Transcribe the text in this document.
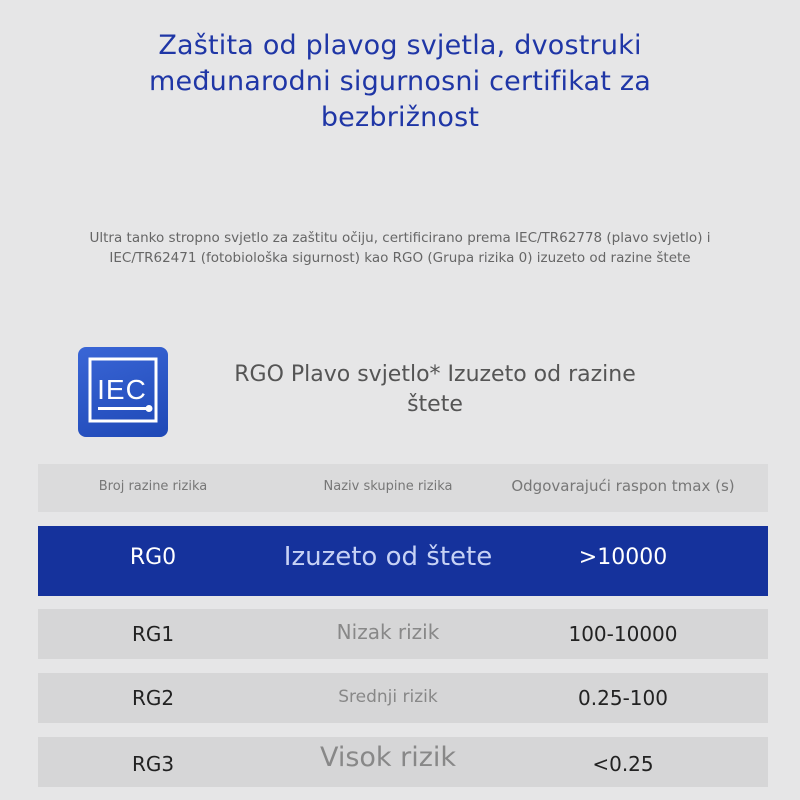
Zaštita od plavog svjetla, dvostruki
međunarodni sigurnosni certifikat za
bezbrižnost
Ultra tanko stropno svjetlo za zaštitu očiju, certificirano prema IEC/TR62778 (plavo svjetlo) i
IEC/TR62471 (fotobiološka sigurnost) kao RGO (Grupa rizika 0) izuzeto od razine štete
IEC	RGO Plavo svjetlo* Izuzeto od razine
štete
Broj razine rizika	Naziv skupine rizika	Odgovarajući raspon tmax (s)
RG0	Izuzeto od štete	>10000
RG1	Nizak rizik	100-10000
RG2	Srednji rizik	0.25-100
RG3	Visok rizik	<0.25
